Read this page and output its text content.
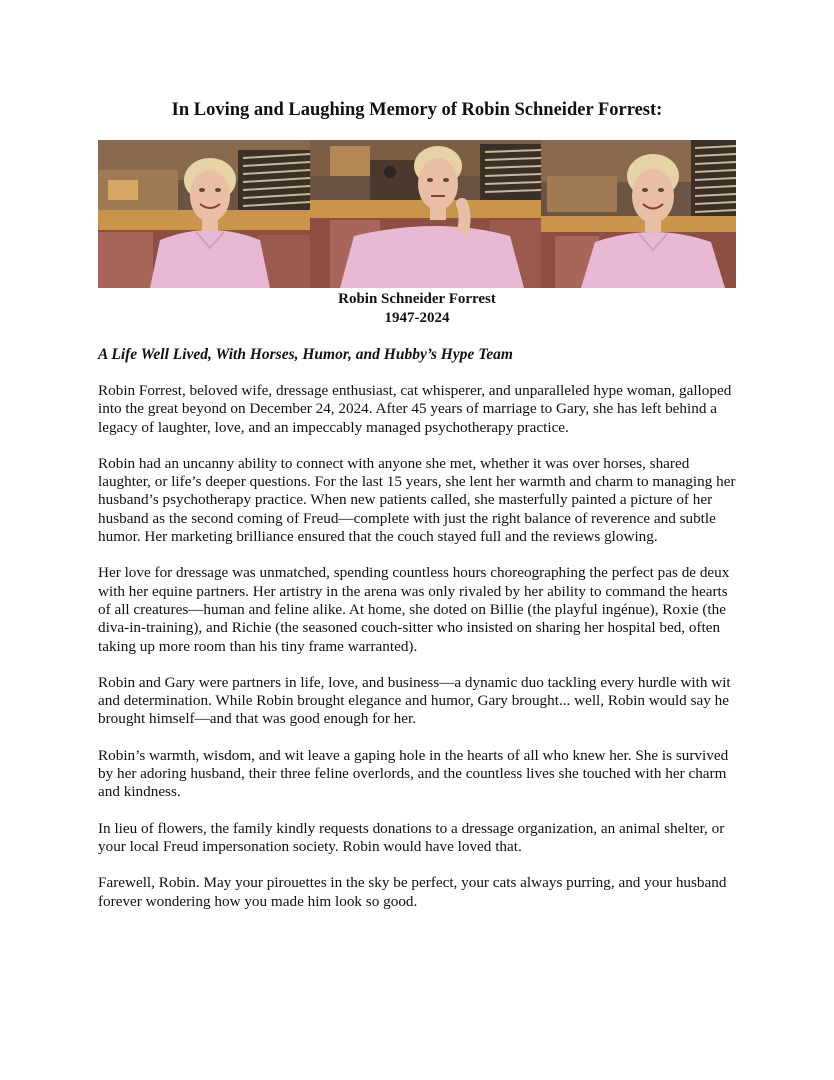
In Loving and Laughing Memory of Robin Schneider Forrest:
Robin Schneider Forrest
1947-2024
A Life Well Lived, With Horses, Humor, and Hubby’s Hype Team

Robin Forrest, beloved wife, dressage enthusiast, cat whisperer, and unparalleled hype woman, galloped into the great beyond on December 24, 2024. After 45 years of marriage to Gary, she has left behind a legacy of laughter, love, and an impeccably managed psychotherapy practice.

Robin had an uncanny ability to connect with anyone she met, whether it was over horses, shared laughter, or life’s deeper questions. For the last 15 years, she lent her warmth and charm to managing her husband’s psychotherapy practice. When new patients called, she masterfully painted a picture of her husband as the second coming of Freud—complete with just the right balance of reverence and subtle humor. Her marketing brilliance ensured that the couch stayed full and the reviews glowing.

Her love for dressage was unmatched, spending countless hours choreographing the perfect pas de deux with her equine partners. Her artistry in the arena was only rivaled by her ability to command the hearts of all creatures—human and feline alike. At home, she doted on Billie (the playful ingénue), Roxie (the diva-in-training), and Richie (the seasoned couch-sitter who insisted on sharing her hospital bed, often taking up more room than his tiny frame warranted).

Robin and Gary were partners in life, love, and business—a dynamic duo tackling every hurdle with wit and determination. While Robin brought elegance and humor, Gary brought... well, Robin would say he brought himself—and that was good enough for her.

Robin’s warmth, wisdom, and wit leave a gaping hole in the hearts of all who knew her. She is survived by her adoring husband, their three feline overlords, and the countless lives she touched with her charm and kindness.

In lieu of flowers, the family kindly requests donations to a dressage organization, an animal shelter, or your local Freud impersonation society. Robin would have loved that.

Farewell, Robin. May your pirouettes in the sky be perfect, your cats always purring, and your husband forever wondering how you made him look so good.
